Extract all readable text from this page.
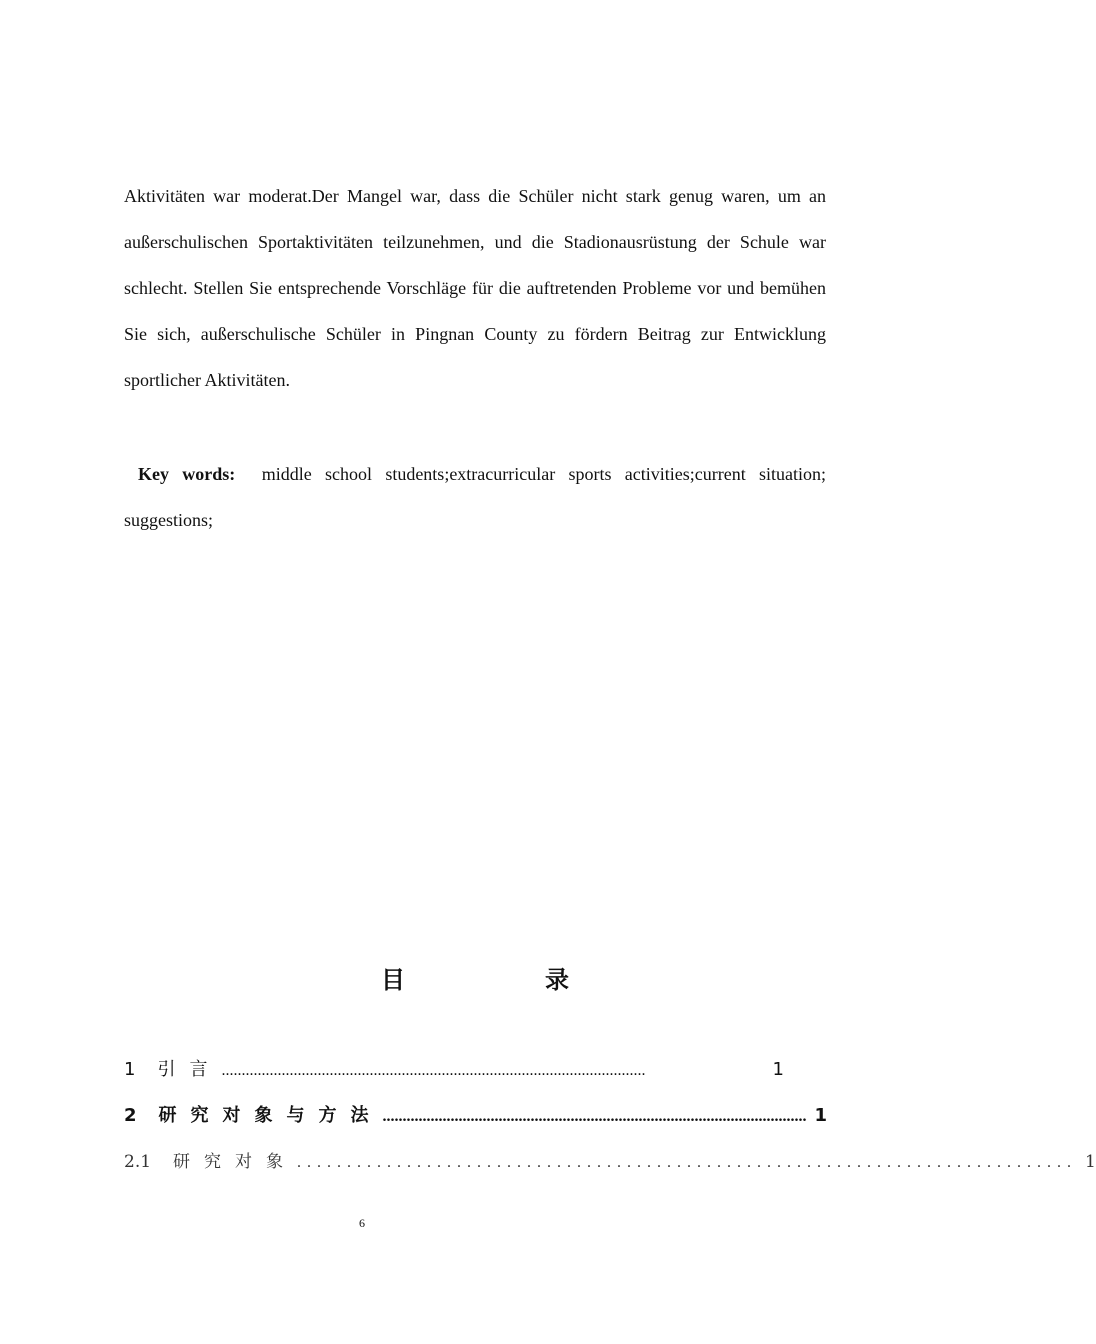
Aktivitäten war moderat.Der Mangel war, dass die Schüler nicht stark genug waren, um an außerschulischen Sportaktivitäten teilzunehmen, und die Stadionausrüstung der Schule war schlecht. Stellen Sie entsprechende Vorschläge für die auftretenden Probleme vor und bemühen Sie sich, außerschulische Schüler in Pingnan County zu fördern Beitrag zur Entwicklung sportlicher Aktivitäten.

Key words: middle school students;extracurricular sports activities;current situation; suggestions;

目	录
1 引言 ..........................................................................................................	1
2 研究对象与方法 .......................................................................................................... 1
2.1 研究对象 .............................................................................. 1
6
